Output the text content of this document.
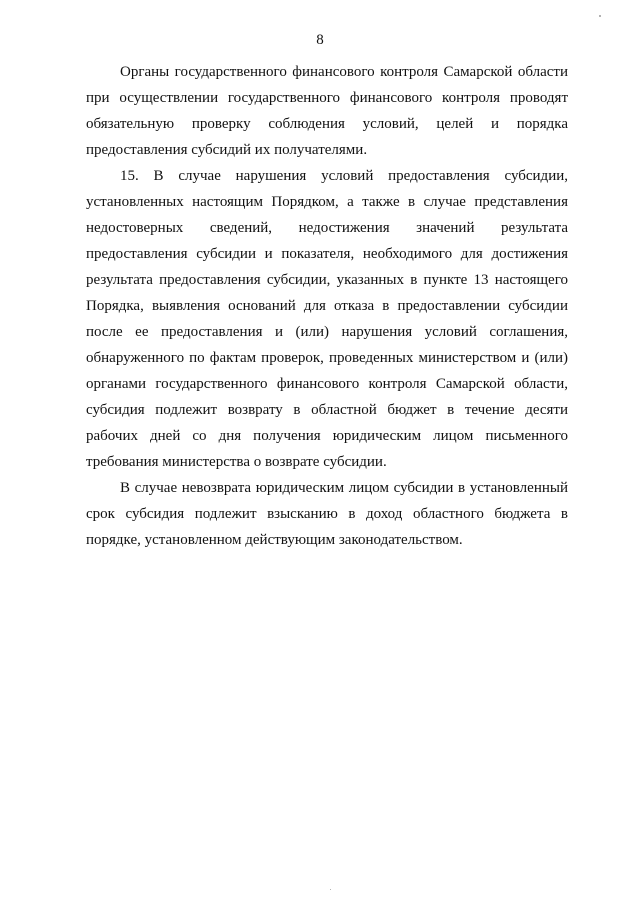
8
Органы государственного финансового контроля Самарской области
при осуществлении государственного финансового контроля проводят
обязательную проверку соблюдения условий, целей и порядка
предоставления субсидий их получателями.
15. В случае нарушения условий предоставления субсидии,
установленных настоящим Порядком, а также в случае представления
недостоверных сведений, недостижения значений результата
предоставления субсидии и показателя, необходимого для достижения
результата предоставления субсидии, указанных в пункте 13 настоящего
Порядка, выявления оснований для отказа в предоставлении субсидии
после ее предоставления и (или) нарушения условий соглашения,
обнаруженного по фактам проверок, проведенных министерством и (или)
органами государственного финансового контроля Самарской области,
субсидия подлежит возврату в областной бюджет в течение десяти
рабочих дней со дня получения юридическим лицом письменного
требования министерства о возврате субсидии.
В случае невозврата юридическим лицом субсидии в установленный
срок субсидия подлежит взысканию в доход областного бюджета в
порядке, установленном действующим законодательством.
